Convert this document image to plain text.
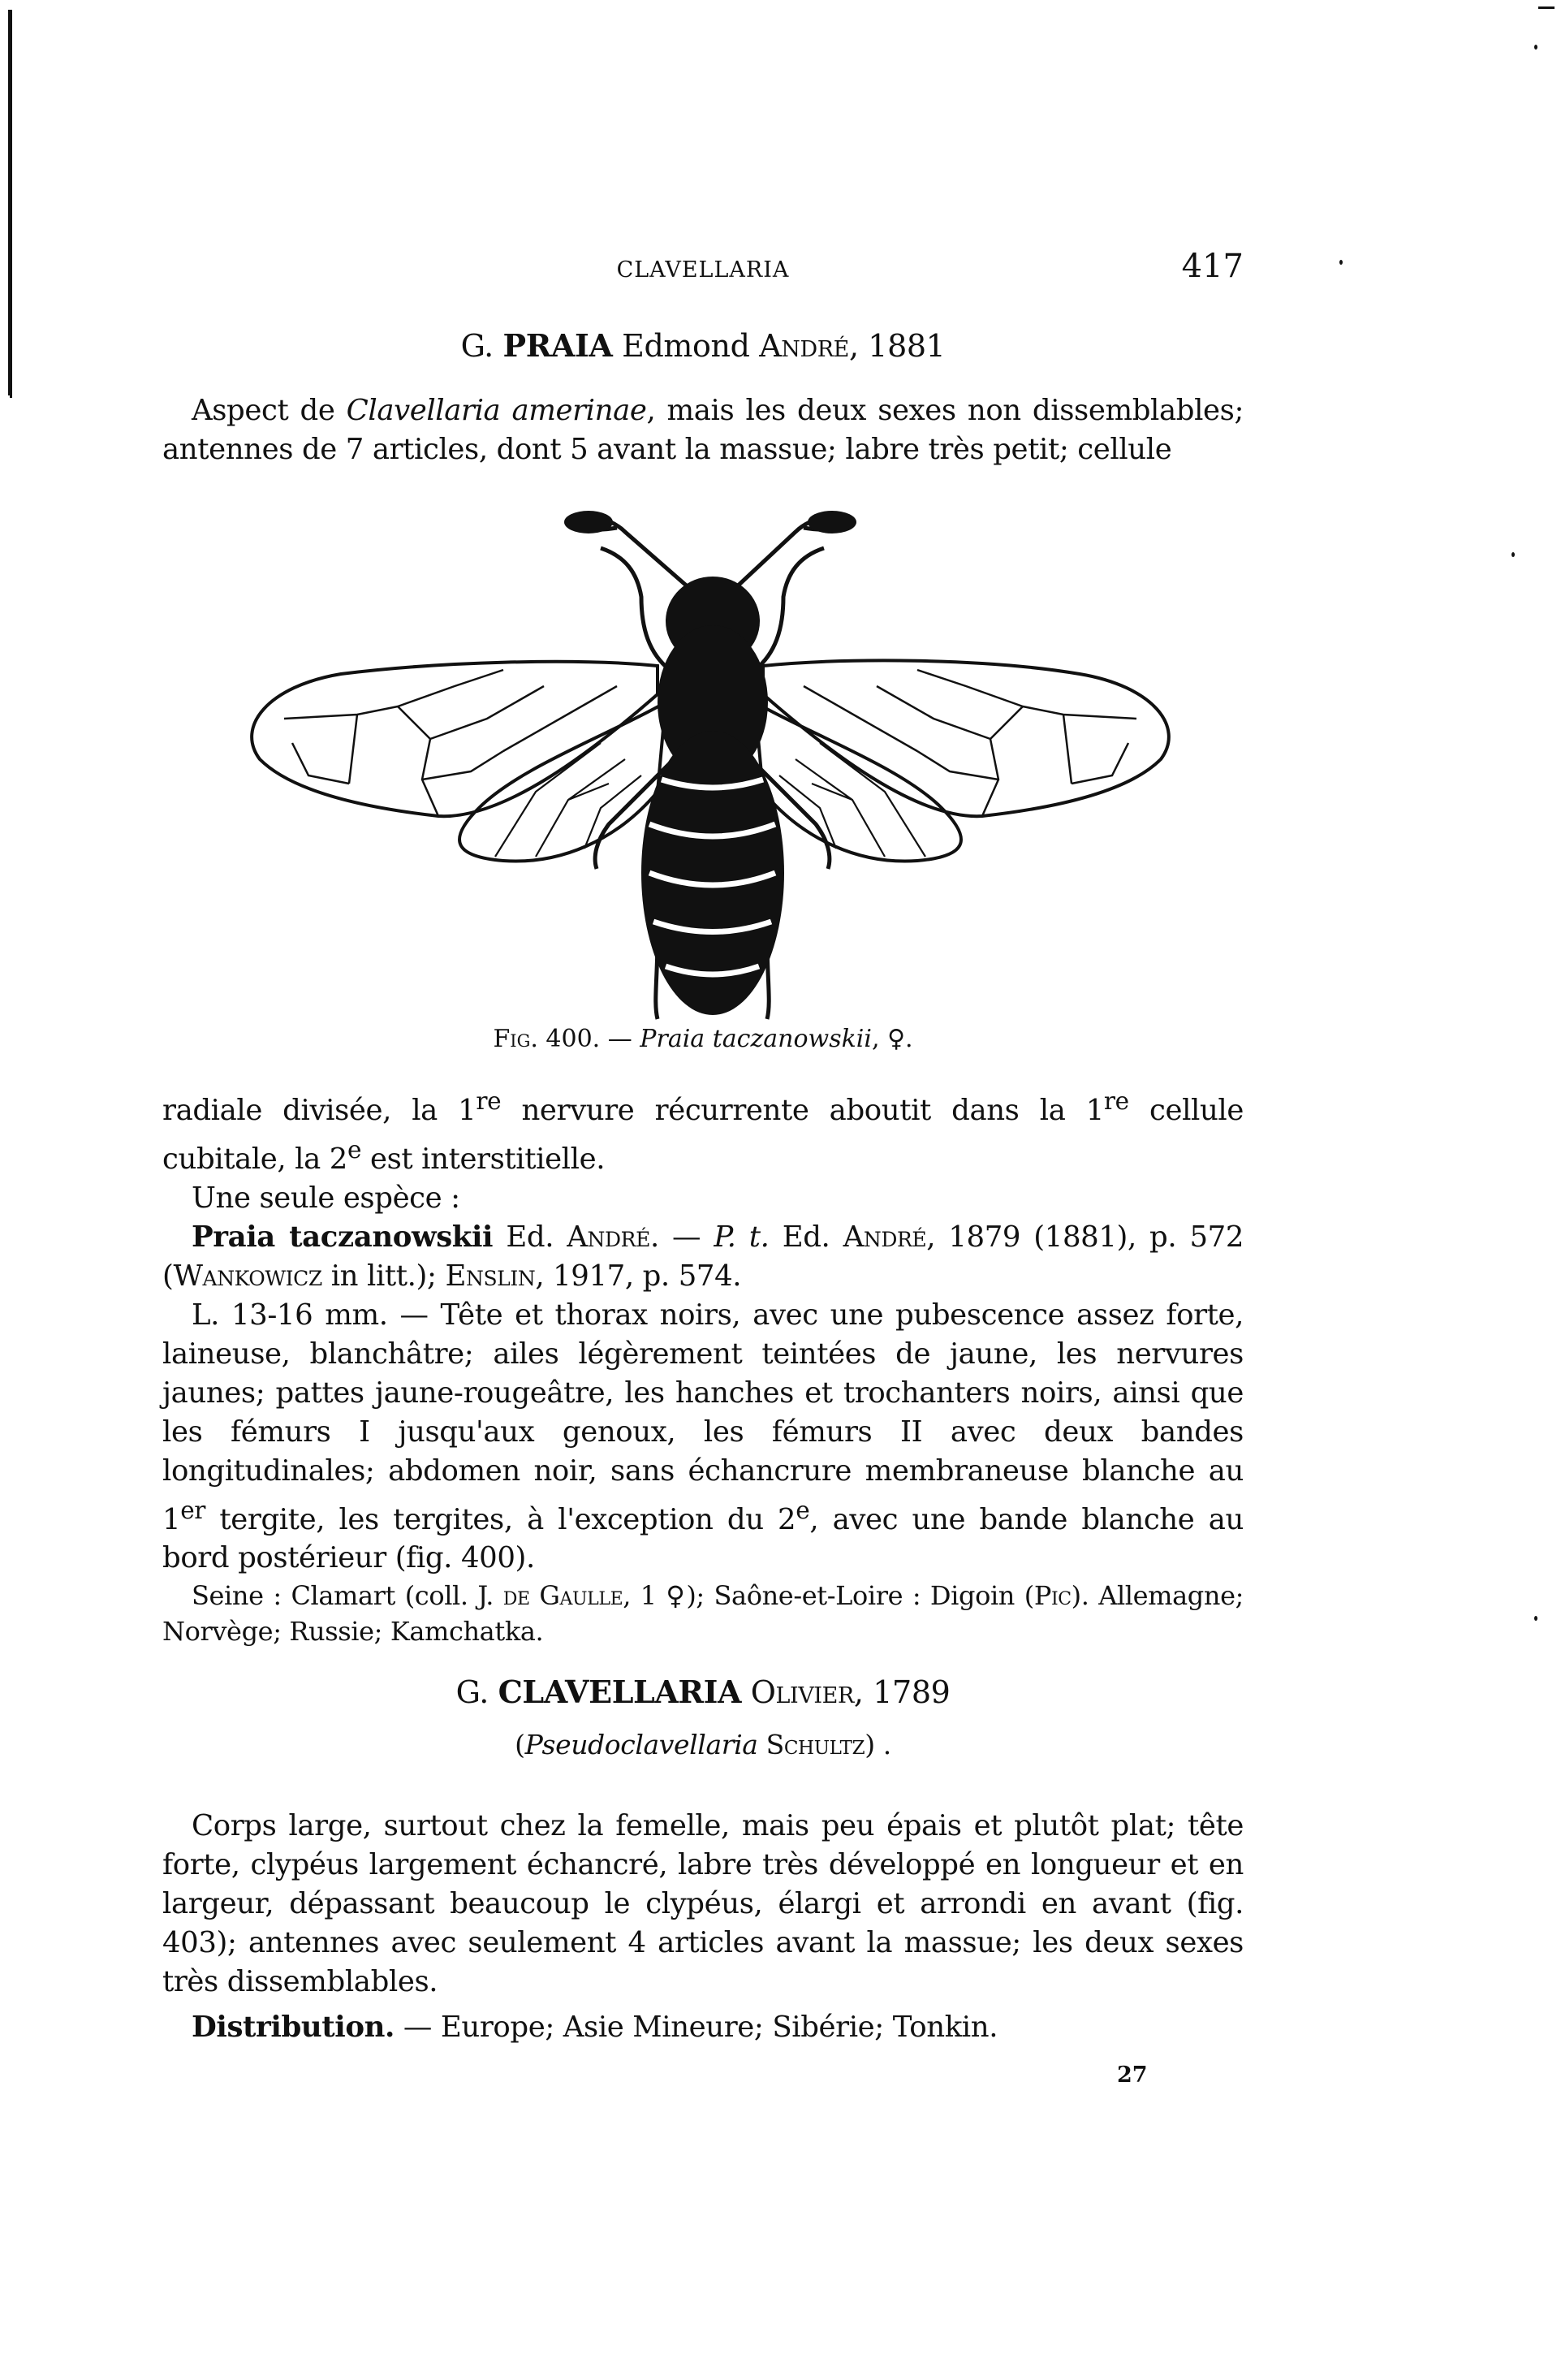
CLAVELLARIA	417
G. PRAIA Edmond André, 1881

Aspect de Clavellaria amerinae, mais les deux sexes non dissemblables; antennes de 7 articles, dont 5 avant la massue; labre très petit; cellule

Fig. 400. — Praia taczanowskii, ♀.

radiale divisée, la 1re nervure récurrente aboutit dans la 1re cellule cubitale, la 2e est interstitielle.

Une seule espèce :

Praia taczanowskii Ed. André. — P. t. Ed. André, 1879 (1881), p. 572 (Wankowicz in litt.); Enslin, 1917, p. 574.

L. 13-16 mm. — Tête et thorax noirs, avec une pubescence assez forte, laineuse, blanchâtre; ailes légèrement teintées de jaune, les nervures jaunes; pattes jaune-rougeâtre, les hanches et trochanters noirs, ainsi que les fémurs I jusqu'aux genoux, les fémurs II avec deux bandes longitudinales; abdomen noir, sans échancrure membraneuse blanche au 1er tergite, les tergites, à l'exception du 2e, avec une bande blanche au bord postérieur (fig. 400).

Seine : Clamart (coll. J. de Gaulle, 1 ♀); Saône-et-Loire : Digoin (Pic). Allemagne; Norvège; Russie; Kamchatka.

G. CLAVELLARIA Olivier, 1789
(Pseudoclavellaria Schultz) .

Corps large, surtout chez la femelle, mais peu épais et plutôt plat; tête forte, clypéus largement échancré, labre très développé en longueur et en largeur, dépassant beaucoup le clypéus, élargi et arrondi en avant (fig. 403); antennes avec seulement 4 articles avant la massue; les deux sexes très dissemblables.

Distribution. — Europe; Asie Mineure; Sibérie; Tonkin.

27
